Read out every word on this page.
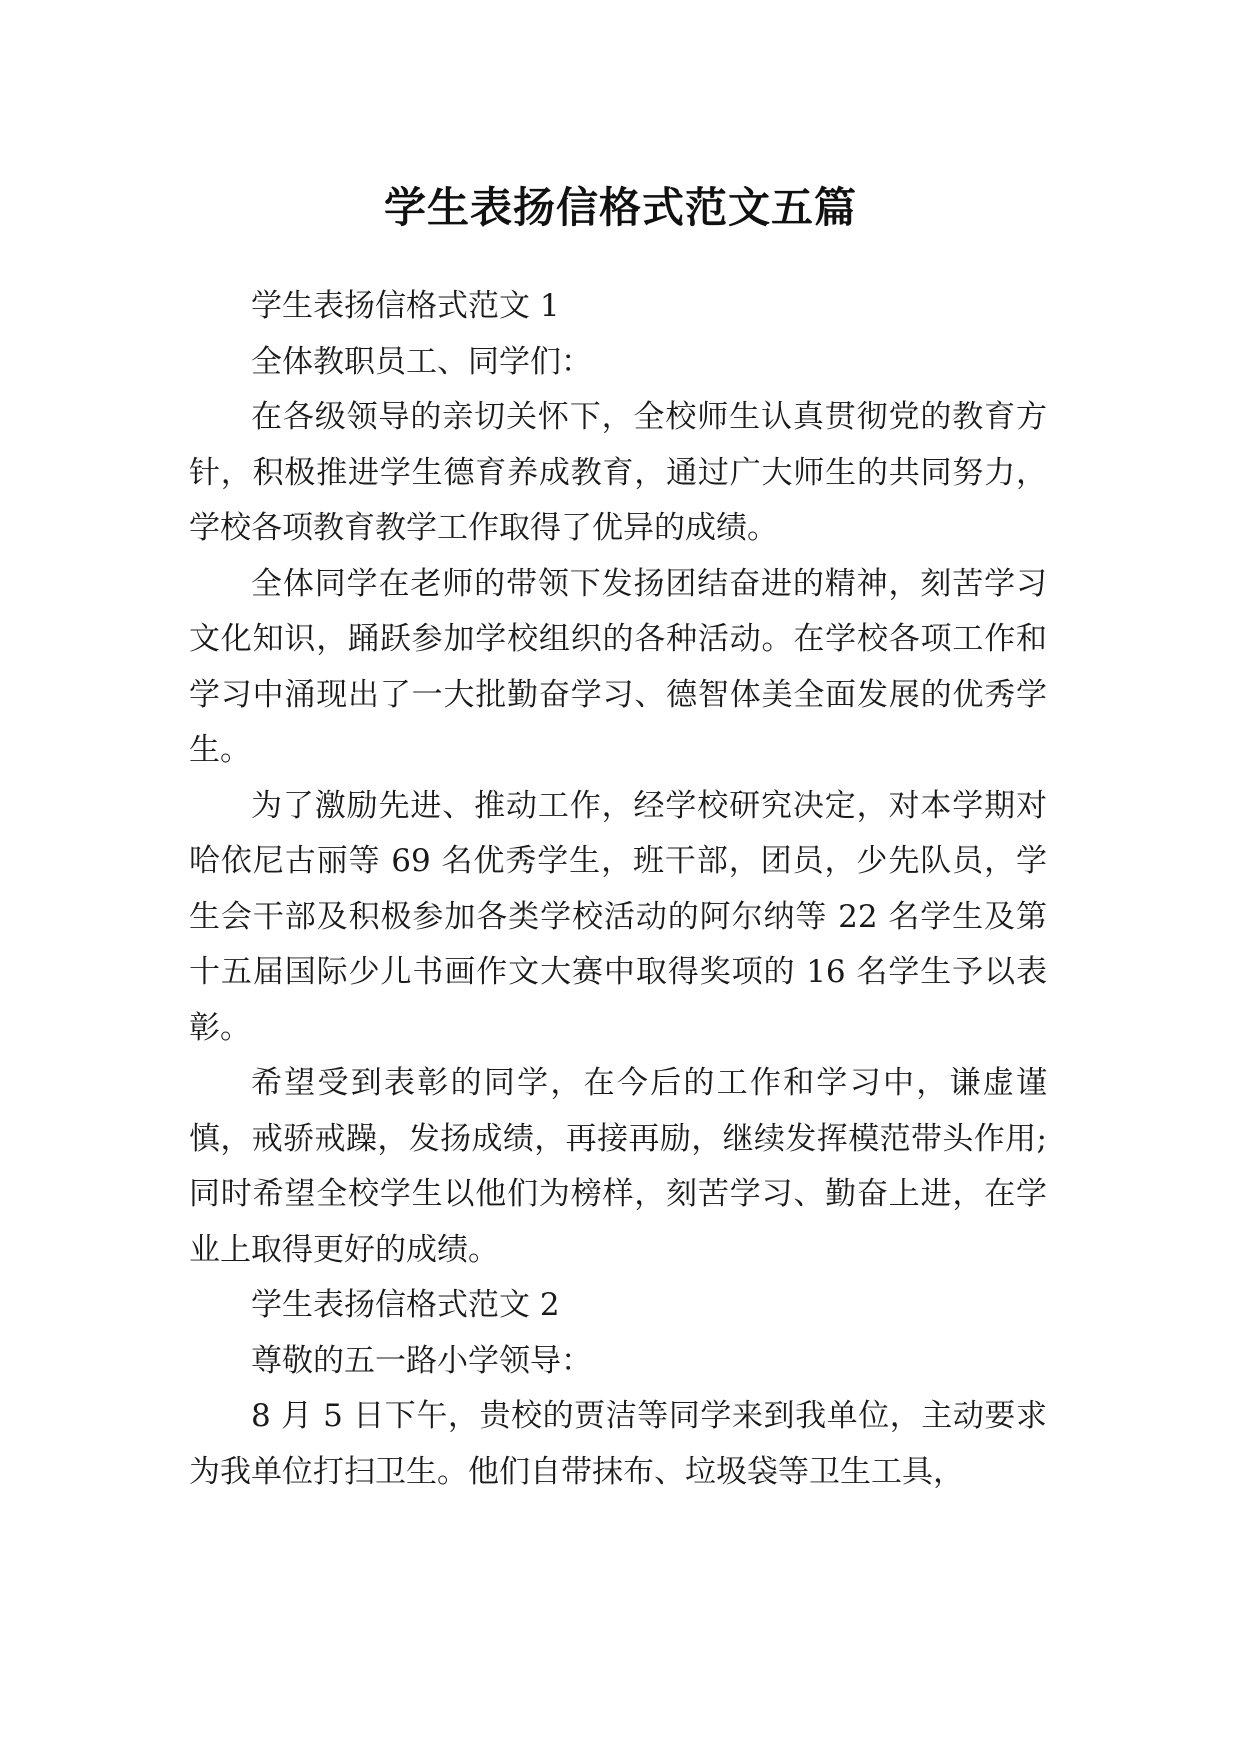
学生表扬信格式范文五篇

学生表扬信格式范文 1

全体教职员工、同学们：

在各级领导的亲切关怀下，全校师生认真贯彻党的教育方针，积极推进学生德育养成教育，通过广大师生的共同努力，学校各项教育教学工作取得了优异的成绩。

全体同学在老师的带领下发扬团结奋进的精神，刻苦学习文化知识，踊跃参加学校组织的各种活动。在学校各项工作和学习中涌现出了一大批勤奋学习、德智体美全面发展的优秀学生。

为了激励先进、推动工作，经学校研究决定，对本学期对哈依尼古丽等 69 名优秀学生，班干部，团员，少先队员，学生会干部及积极参加各类学校活动的阿尔纳等 22 名学生及第十五届国际少儿书画作文大赛中取得奖项的 16 名学生予以表彰。

希望受到表彰的同学，在今后的工作和学习中，谦虚谨慎，戒骄戒躁，发扬成绩，再接再励，继续发挥模范带头作用;同时希望全校学生以他们为榜样，刻苦学习、勤奋上进，在学业上取得更好的成绩。

学生表扬信格式范文 2

尊敬的五一路小学领导：

8 月 5 日下午，贵校的贾洁等同学来到我单位，主动要求为我单位打扫卫生。他们自带抹布、垃圾袋等卫生工具，
